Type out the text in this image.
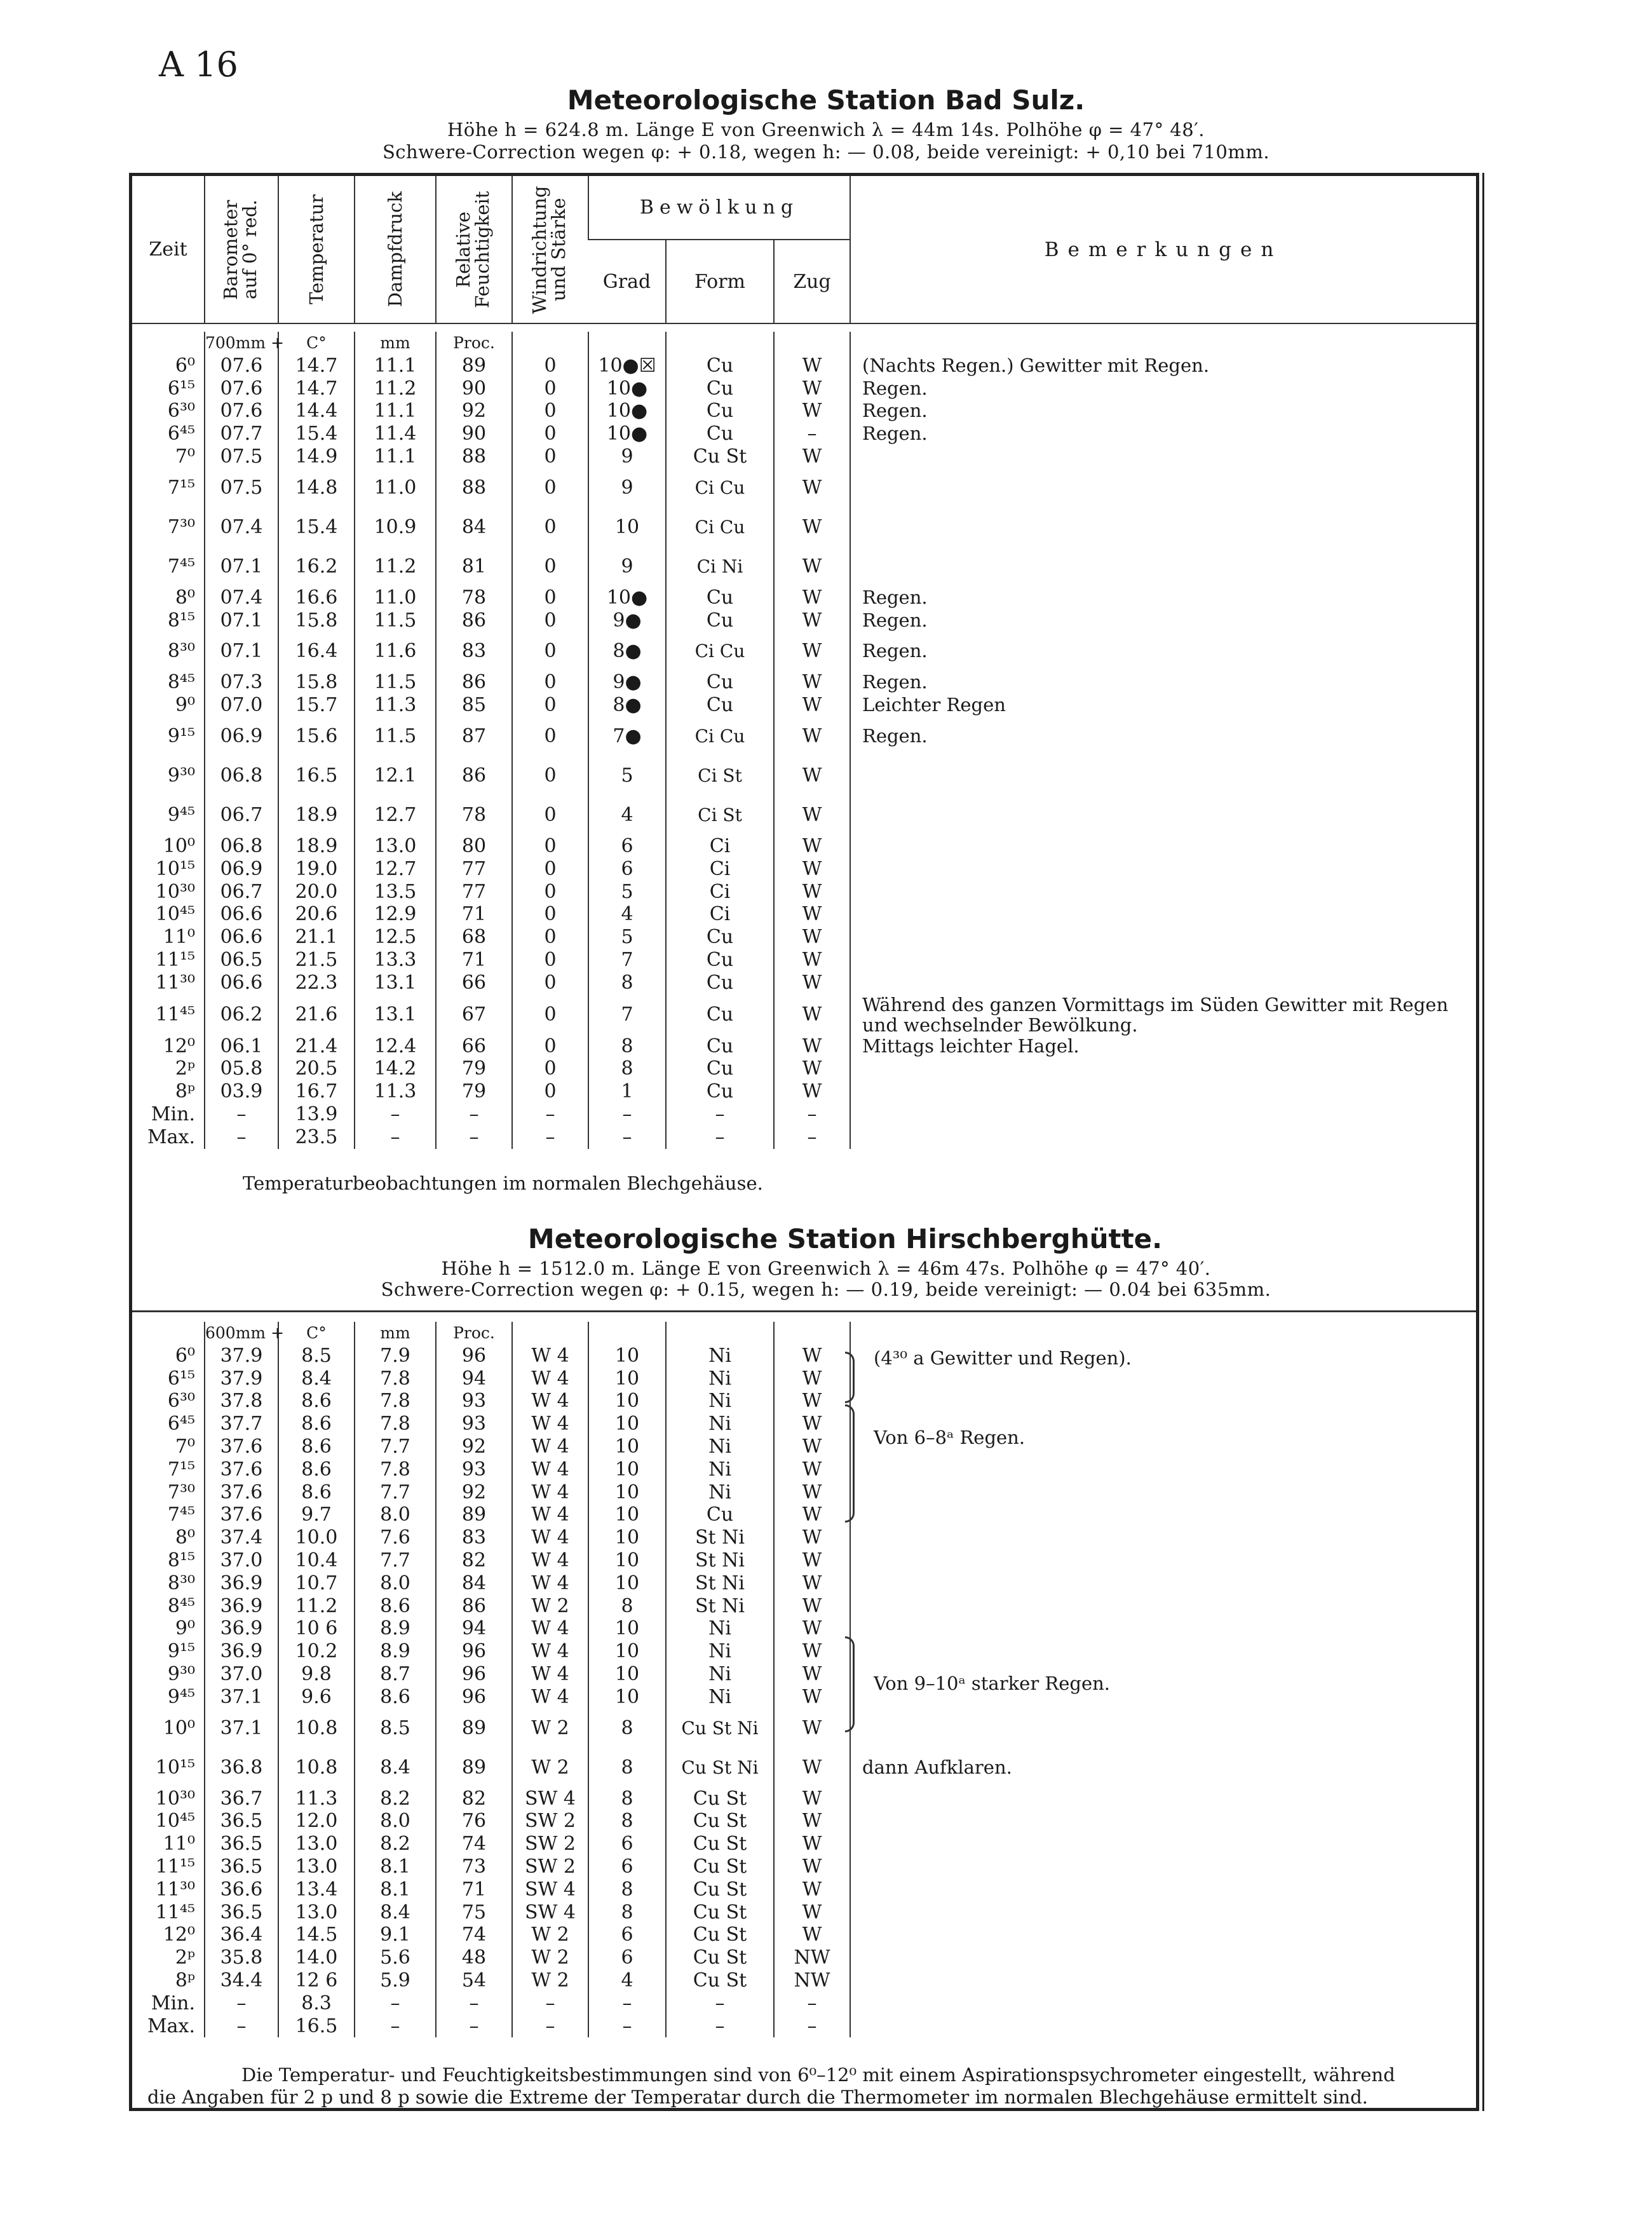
A 16
Meteorologische Station Bad Sulz.
Höhe h = 624.8 m. Länge E von Greenwich λ = 44m 14s. Polhöhe φ = 47° 48′.
Schwere-Correction wegen φ: + 0.18, wegen h: — 0.08, beide vereinigt: + 0,10 bei 710mm.
Zeit	Barometer auf 0° red.	Temperatur	Dampfdruck	Relative Feuchtigkeit	Windrichtung und Stärke	Bewölkung			Bemerkungen
						Grad	Form	Zug	
	700mm +	C°	mm	Proc.					
6⁰	07.6	14.7	11.1	89	0	10●☒	Cu	W	(Nachts Regen.) Gewitter mit Regen.
6¹⁵	07.6	14.7	11.2	90	0	10●	Cu	W	Regen.
6³⁰	07.6	14.4	11.1	92	0	10●	Cu	W	Regen.
6⁴⁵	07.7	15.4	11.4	90	0	10●	Cu	–	Regen.
7⁰	07.5	14.9	11.1	88	0	9	Cu St	W	
7¹⁵	07.5	14.8	11.0	88	0	9	Ci Cu	W	
7³⁰	07.4	15.4	10.9	84	0	10	Ci Cu	W	
7⁴⁵	07.1	16.2	11.2	81	0	9	Ci Ni	W	
8⁰	07.4	16.6	11.0	78	0	10●	Cu	W	Regen.
8¹⁵	07.1	15.8	11.5	86	0	9●	Cu	W	Regen.
8³⁰	07.1	16.4	11.6	83	0	8●	Ci Cu	W	Regen.
8⁴⁵	07.3	15.8	11.5	86	0	9●	Cu	W	Regen.
9⁰	07.0	15.7	11.3	85	0	8●	Cu	W	Leichter Regen
9¹⁵	06.9	15.6	11.5	87	0	7●	Ci Cu	W	Regen.
9³⁰	06.8	16.5	12.1	86	0	5	Ci St	W	
9⁴⁵	06.7	18.9	12.7	78	0	4	Ci St	W	
10⁰	06.8	18.9	13.0	80	0	6	Ci	W	
10¹⁵	06.9	19.0	12.7	77	0	6	Ci	W	
10³⁰	06.7	20.0	13.5	77	0	5	Ci	W	
10⁴⁵	06.6	20.6	12.9	71	0	4	Ci	W	
11⁰	06.6	21.1	12.5	68	0	5	Cu	W	
11¹⁵	06.5	21.5	13.3	71	0	7	Cu	W	
11³⁰	06.6	22.3	13.1	66	0	8	Cu	W	
11⁴⁵	06.2	21.6	13.1	67	0	7	Cu	W	Während des ganzen Vormittags im Süden Gewitter mit Regen und wechselnder Bewölkung.
12⁰	06.1	21.4	12.4	66	0	8	Cu	W	Mittags leichter Hagel.
2ᵖ	05.8	20.5	14.2	79	0	8	Cu	W	
8ᵖ	03.9	16.7	11.3	79	0	1	Cu	W	
Min.	–	13.9	–	–	–	–	–	–	
Max.	–	23.5	–	–	–	–	–	–	
Temperaturbeobachtungen im normalen Blechgehäuse.
Meteorologische Station Hirschberghütte.
Höhe h = 1512.0 m. Länge E von Greenwich λ = 46m 47s. Polhöhe φ = 47° 40′.
Schwere-Correction wegen φ: + 0.15, wegen h: — 0.19, beide vereinigt: — 0.04 bei 635mm.
	600mm +	C°	mm	Proc.					
6⁰	37.9	8.5	7.9	96	W 4	10	Ni	W	
6¹⁵	37.9	8.4	7.8	94	W 4	10	Ni	W	
6³⁰	37.8	8.6	7.8	93	W 4	10	Ni	W	
6⁴⁵	37.7	8.6	7.8	93	W 4	10	Ni	W	
7⁰	37.6	8.6	7.7	92	W 4	10	Ni	W	
7¹⁵	37.6	8.6	7.8	93	W 4	10	Ni	W	
7³⁰	37.6	8.6	7.7	92	W 4	10	Ni	W	
7⁴⁵	37.6	9.7	8.0	89	W 4	10	Cu	W	
8⁰	37.4	10.0	7.6	83	W 4	10	St Ni	W	
8¹⁵	37.0	10.4	7.7	82	W 4	10	St Ni	W	
8³⁰	36.9	10.7	8.0	84	W 4	10	St Ni	W	
8⁴⁵	36.9	11.2	8.6	86	W 2	8	St Ni	W	
9⁰	36.9	10 6	8.9	94	W 4	10	Ni	W	
9¹⁵	36.9	10.2	8.9	96	W 4	10	Ni	W	
9³⁰	37.0	9.8	8.7	96	W 4	10	Ni	W	
9⁴⁵	37.1	9.6	8.6	96	W 4	10	Ni	W	
10⁰	37.1	10.8	8.5	89	W 2	8	Cu St Ni	W	
10¹⁵	36.8	10.8	8.4	89	W 2	8	Cu St Ni	W	dann Aufklaren.
10³⁰	36.7	11.3	8.2	82	SW 4	8	Cu St	W	
10⁴⁵	36.5	12.0	8.0	76	SW 2	8	Cu St	W	
11⁰	36.5	13.0	8.2	74	SW 2	6	Cu St	W	
11¹⁵	36.5	13.0	8.1	73	SW 2	6	Cu St	W	
11³⁰	36.6	13.4	8.1	71	SW 4	8	Cu St	W	
11⁴⁵	36.5	13.0	8.4	75	SW 4	8	Cu St	W	
12⁰	36.4	14.5	9.1	74	W 2	6	Cu St	W	
2ᵖ	35.8	14.0	5.6	48	W 2	6	Cu St	NW	
8ᵖ	34.4	12 6	5.9	54	W 2	4	Cu St	NW	
Min.	–	8.3	–	–	–	–	–	–	
Max.	–	16.5	–	–	–	–	–	–	
(4³⁰ a Gewitter und Regen).
Von 6–8ᵃ Regen.
Von 9–10ᵃ starker Regen.
Die Temperatur- und Feuchtigkeitsbestimmungen sind von 6⁰–12⁰ mit einem Aspirationspsychrometer eingestellt, während
die Angaben für 2 p und 8 p sowie die Extreme der Temperatar durch die Thermometer im normalen Blechgehäuse ermittelt sind.
